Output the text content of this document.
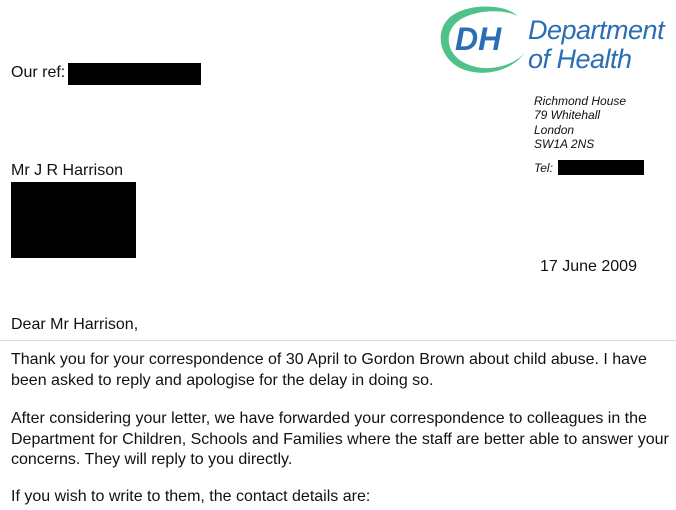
DH Department
of Health
Richmond House
79 Whitehall
London
SW1A 2NS
Tel:
Our ref:
Mr J R Harrison
17 June 2009
Dear Mr Harrison,
Thank you for your correspondence of 30 April to Gordon Brown about child abuse. I have been asked to reply and apologise for the delay in doing so.
After considering your letter, we have forwarded your correspondence to colleagues in the Department for Children, Schools and Families where the staff are better able to answer your concerns. They will reply to you directly.
If you wish to write to them, the contact details are:
